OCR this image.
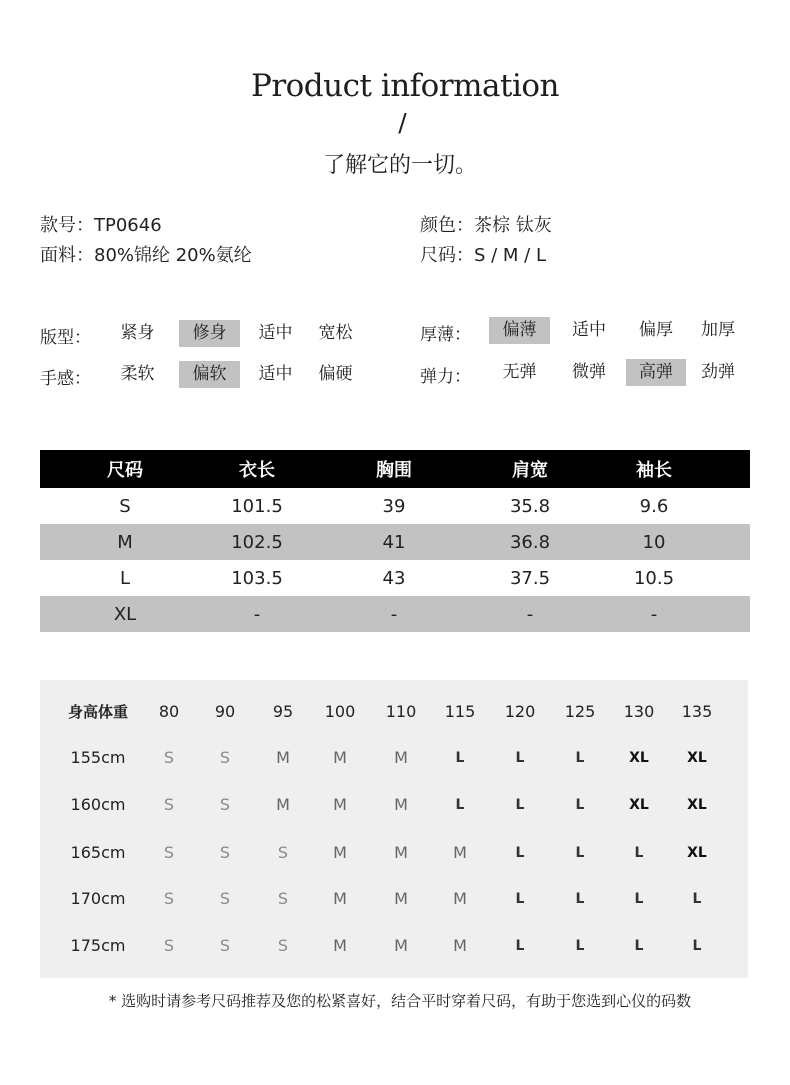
Product information
/
了解它的一切。
款号：TP0646
面料：80%锦纶 20%氨纶
颜色：茶棕 钛灰
尺码：S / M / L
版型：	紧身	修身	适中	宽松
手感：	柔软	偏软	适中	偏硬
厚薄：	偏薄	适中	偏厚	加厚
弹力：	无弹	微弹	高弹	劲弹
尺码	衣长	胸围	肩宽	袖长
S	101.5	39	35.8	9.6
M	102.5	41	36.8	10
L	103.5	43	37.5	10.5
XL	-	-	-	-
身高体重	80	90	95	100	110	115	120	125	130	135
155cm	S	S	M	M	M	L	L	L	XL	XL
160cm	S	S	M	M	M	L	L	L	XL	XL
165cm	S	S	S	M	M	M	L	L	L	XL
170cm	S	S	S	M	M	M	L	L	L	L
175cm	S	S	S	M	M	M	L	L	L	L
* 选购时请参考尺码推荐及您的松紧喜好，结合平时穿着尺码，有助于您选到心仪的码数
